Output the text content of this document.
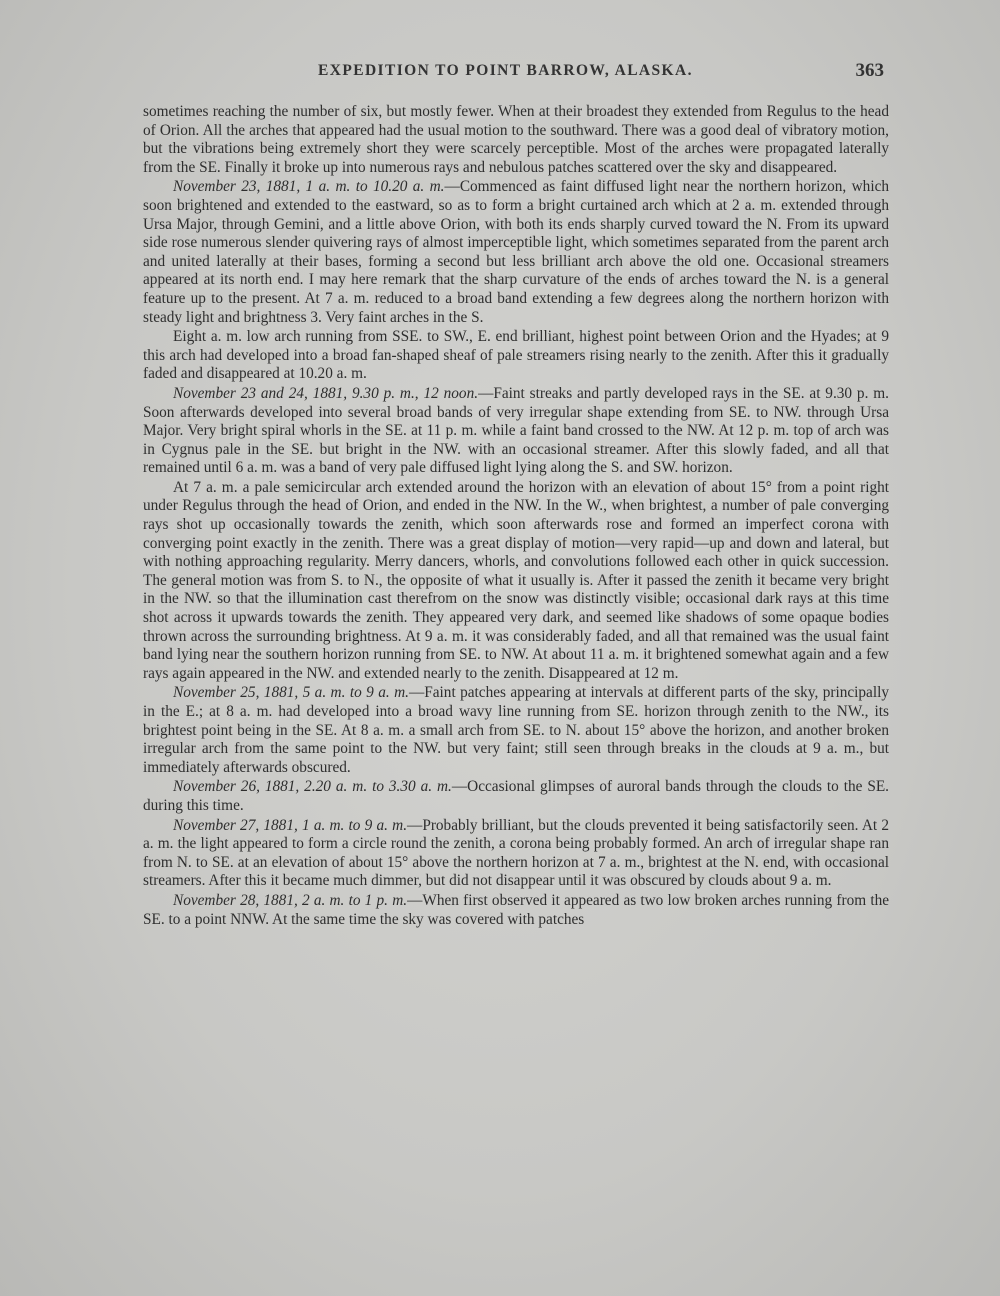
EXPEDITION TO POINT BARROW, ALASKA.	363

sometimes reaching the number of six, but mostly fewer. When at their broadest they extended from Regulus to the head of Orion. All the arches that appeared had the usual motion to the southward. There was a good deal of vibratory motion, but the vibrations being extremely short they were scarcely perceptible. Most of the arches were propagated laterally from the SE. Finally it broke up into numerous rays and nebulous patches scattered over the sky and disappeared.

November 23, 1881, 1 a. m. to 10.20 a. m.—Commenced as faint diffused light near the northern horizon, which soon brightened and extended to the eastward, so as to form a bright curtained arch which at 2 a. m. extended through Ursa Major, through Gemini, and a little above Orion, with both its ends sharply curved toward the N. From its upward side rose numerous slender quivering rays of almost imperceptible light, which sometimes separated from the parent arch and united laterally at their bases, forming a second but less brilliant arch above the old one. Occasional streamers appeared at its north end. I may here remark that the sharp curvature of the ends of arches toward the N. is a general feature up to the present. At 7 a. m. reduced to a broad band extending a few degrees along the northern horizon with steady light and brightness 3. Very faint arches in the S.

Eight a. m. low arch running from SSE. to SW., E. end brilliant, highest point between Orion and the Hyades; at 9 this arch had developed into a broad fan-shaped sheaf of pale streamers rising nearly to the zenith. After this it gradually faded and disappeared at 10.20 a. m.

November 23 and 24, 1881, 9.30 p. m., 12 noon.—Faint streaks and partly developed rays in the SE. at 9.30 p. m. Soon afterwards developed into several broad bands of very irregular shape extending from SE. to NW. through Ursa Major. Very bright spiral whorls in the SE. at 11 p. m. while a faint band crossed to the NW. At 12 p. m. top of arch was in Cygnus pale in the SE. but bright in the NW. with an occasional streamer. After this slowly faded, and all that remained until 6 a. m. was a band of very pale diffused light lying along the S. and SW. horizon.

At 7 a. m. a pale semicircular arch extended around the horizon with an elevation of about 15° from a point right under Regulus through the head of Orion, and ended in the NW. In the W., when brightest, a number of pale converging rays shot up occasionally towards the zenith, which soon afterwards rose and formed an imperfect corona with converging point exactly in the zenith. There was a great display of motion—very rapid—up and down and lateral, but with nothing approaching regularity. Merry dancers, whorls, and convolutions followed each other in quick succession. The general motion was from S. to N., the opposite of what it usually is. After it passed the zenith it became very bright in the NW. so that the illumination cast therefrom on the snow was distinctly visible; occasional dark rays at this time shot across it upwards towards the zenith. They appeared very dark, and seemed like shadows of some opaque bodies thrown across the surrounding brightness. At 9 a. m. it was considerably faded, and all that remained was the usual faint band lying near the southern horizon running from SE. to NW. At about 11 a. m. it brightened somewhat again and a few rays again appeared in the NW. and extended nearly to the zenith. Disappeared at 12 m.

November 25, 1881, 5 a. m. to 9 a. m.—Faint patches appearing at intervals at different parts of the sky, principally in the E.; at 8 a. m. had developed into a broad wavy line running from SE. horizon through zenith to the NW., its brightest point being in the SE. At 8 a. m. a small arch from SE. to N. about 15° above the horizon, and another broken irregular arch from the same point to the NW. but very faint; still seen through breaks in the clouds at 9 a. m., but immediately afterwards obscured.

November 26, 1881, 2.20 a. m. to 3.30 a. m.—Occasional glimpses of auroral bands through the clouds to the SE. during this time.

November 27, 1881, 1 a. m. to 9 a. m.—Probably brilliant, but the clouds prevented it being satisfactorily seen. At 2 a. m. the light appeared to form a circle round the zenith, a corona being probably formed. An arch of irregular shape ran from N. to SE. at an elevation of about 15° above the northern horizon at 7 a. m., brightest at the N. end, with occasional streamers. After this it became much dimmer, but did not disappear until it was obscured by clouds about 9 a. m.

November 28, 1881, 2 a. m. to 1 p. m.—When first observed it appeared as two low broken arches running from the SE. to a point NNW. At the same time the sky was covered with patches
